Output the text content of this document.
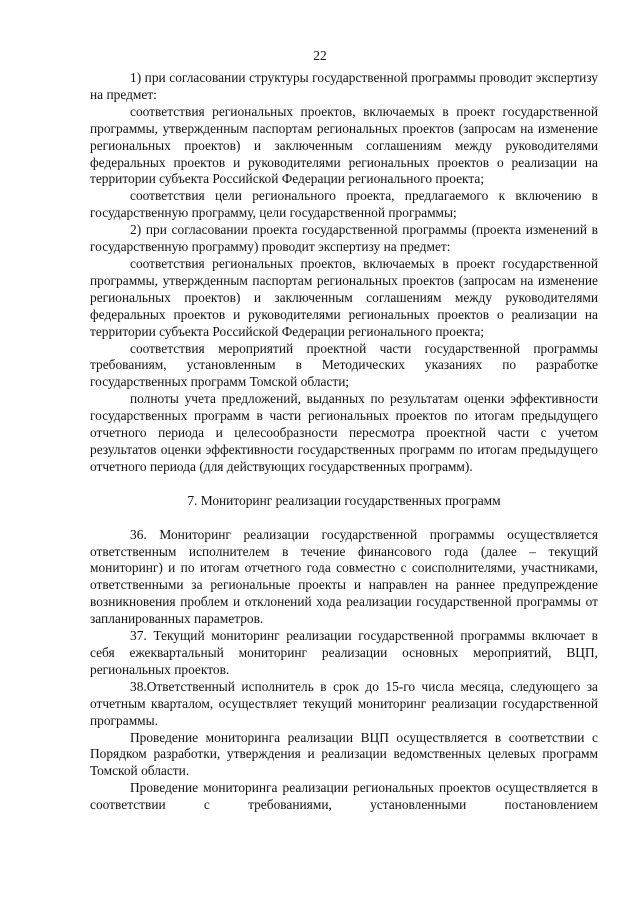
22

1) при согласовании структуры государственной программы проводит экспертизу на предмет:

соответствия региональных проектов, включаемых в проект государственной программы, утвержденным паспортам региональных проектов (запросам на изменение региональных проектов) и заключенным соглашениям между руководителями федеральных проектов и руководителями региональных проектов о реализации на территории субъекта Российской Федерации регионального проекта;

соответствия цели регионального проекта, предлагаемого к включению в государственную программу, цели государственной программы;

2) при согласовании проекта государственной программы (проекта изменений в государственную программу) проводит экспертизу на предмет:

соответствия региональных проектов, включаемых в проект государственной программы, утвержденным паспортам региональных проектов (запросам на изменение региональных проектов) и заключенным соглашениям между руководителями федеральных проектов и руководителями региональных проектов о реализации на территории субъекта Российской Федерации регионального проекта;

соответствия мероприятий проектной части государственной программы требованиям, установленным в Методических указаниях по разработке государственных программ Томской области;

полноты учета предложений, выданных по результатам оценки эффективности государственных программ в части региональных проектов по итогам предыдущего отчетного периода и целесообразности пересмотра проектной части с учетом результатов оценки эффективности государственных программ по итогам предыдущего отчетного периода (для действующих государственных программ).

7. Мониторинг реализации государственных программ

36. Мониторинг реализации государственной программы осуществляется ответственным исполнителем в течение финансового года (далее – текущий мониторинг) и по итогам отчетного года совместно с соисполнителями, участниками, ответственными за региональные проекты и направлен на раннее предупреждение возникновения проблем и отклонений хода реализации государственной программы от запланированных параметров.

37. Текущий мониторинг реализации государственной программы включает в себя ежеквартальный мониторинг реализации основных мероприятий, ВЦП, региональных проектов.

38.Ответственный исполнитель в срок до 15-го числа месяца, следующего за отчетным кварталом, осуществляет текущий мониторинг реализации государственной программы.

Проведение мониторинга реализации ВЦП осуществляется в соответствии с Порядком разработки, утверждения и реализации ведомственных целевых программ Томской области.

Проведение мониторинга реализации региональных проектов осуществляется в соответствии с требованиями, установленными постановлением
